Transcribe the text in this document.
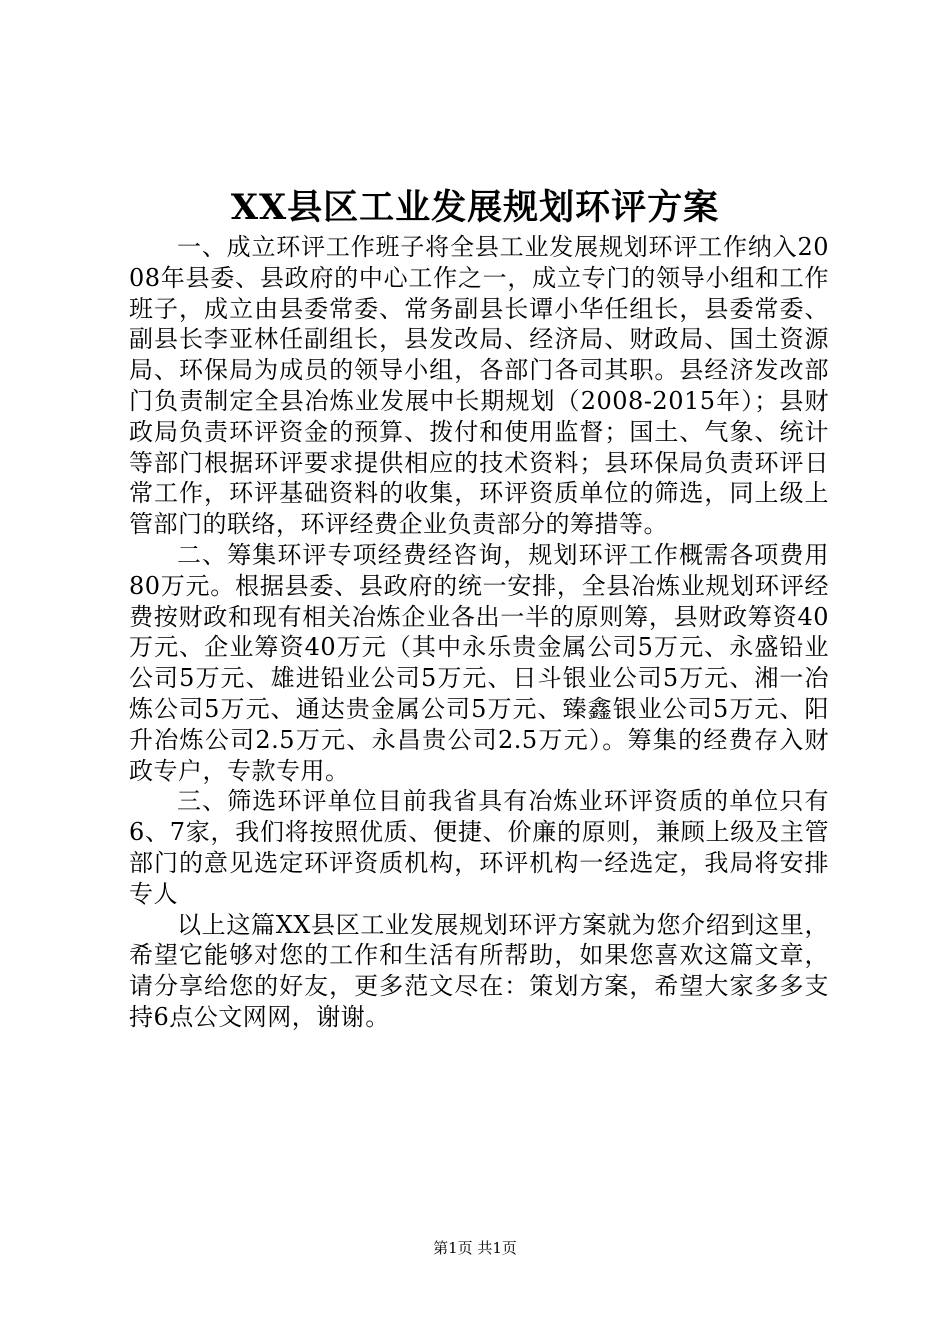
XX县区工业发展规划环评方案

一、成立环评工作班子将全县工业发展规划环评工作纳入2008年县委、县政府的中心工作之一，成立专门的领导小组和工作班子，成立由县委常委、常务副县长谭小华任组长，县委常委、副县长李亚林任副组长，县发改局、经济局、财政局、国土资源局、环保局为成员的领导小组，各部门各司其职。县经济发改部门负责制定全县冶炼业发展中长期规划（2008-2015年）；县财政局负责环评资金的预算、拨付和使用监督；国土、气象、统计等部门根据环评要求提供相应的技术资料；县环保局负责环评日常工作，环评基础资料的收集，环评资质单位的筛选，同上级上管部门的联络，环评经费企业负责部分的筹措等。

二、筹集环评专项经费经咨询，规划环评工作概需各项费用80万元。根据县委、县政府的统一安排，全县冶炼业规划环评经费按财政和现有相关冶炼企业各出一半的原则筹，县财政筹资40万元、企业筹资40万元（其中永乐贵金属公司5万元、永盛铅业公司5万元、雄进铅业公司5万元、日斗银业公司5万元、湘一冶炼公司5万元、通达贵金属公司5万元、臻鑫银业公司5万元、阳升冶炼公司2.5万元、永昌贵公司2.5万元）。筹集的经费存入财政专户，专款专用。

三、筛选环评单位目前我省具有冶炼业环评资质的单位只有6、7家，我们将按照优质、便捷、价廉的原则，兼顾上级及主管部门的意见选定环评资质机构，环评机构一经选定，我局将安排专人

以上这篇XX县区工业发展规划环评方案就为您介绍到这里，希望它能够对您的工作和生活有所帮助，如果您喜欢这篇文章，请分享给您的好友，更多范文尽在：策划方案，希望大家多多支持6点公文网网，谢谢。

第1页 共1页
